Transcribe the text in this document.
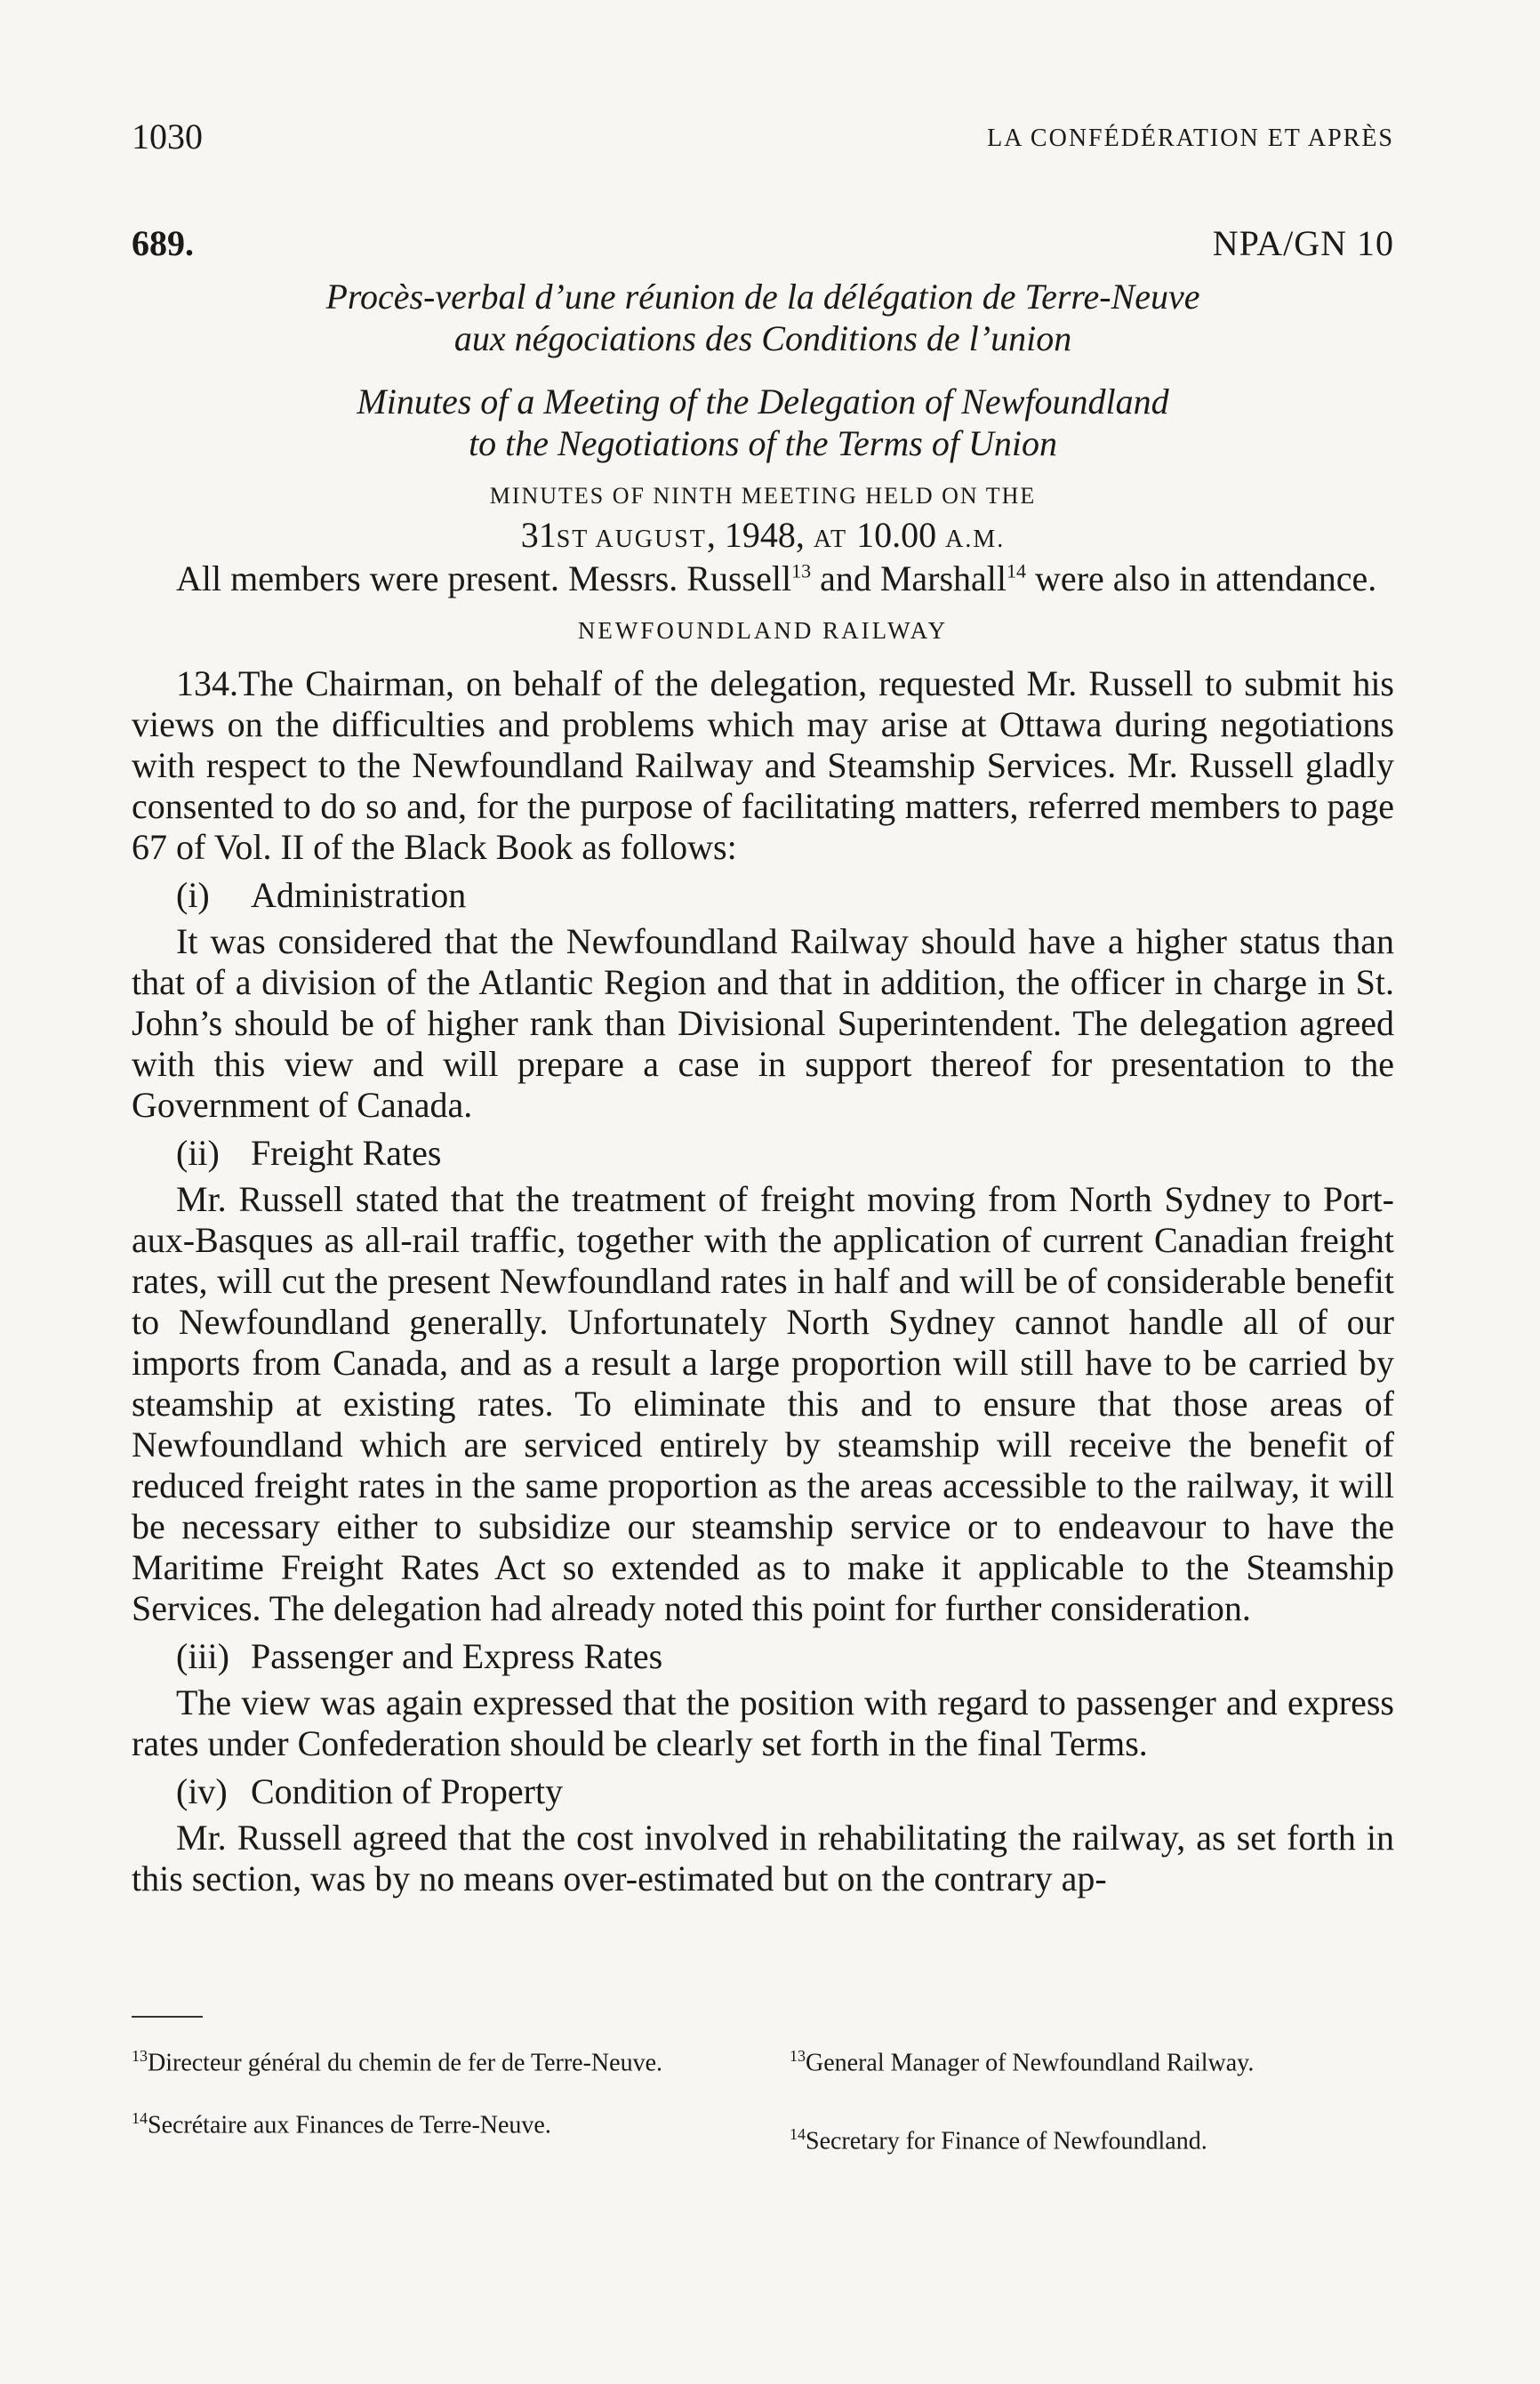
1030	LA CONFÉDÉRATION ET APRÈS
689.	NPA/GN 10
Procès-verbal d’une réunion de la délégation de Terre-Neuve
aux négociations des Conditions de l’union
Minutes of a Meeting of the Delegation of Newfoundland
to the Negotiations of the Terms of Union
MINUTES OF NINTH MEETING HELD ON THE
31ST AUGUST, 1948, AT 10.00 A.M.

All members were present. Messrs. Russell$^{13}$ and Marshall$^{14}$ were also in attendance.

NEWFOUNDLAND RAILWAY

134.The Chairman, on behalf of the delegation, requested Mr. Russell to submit his views on the difficulties and problems which may arise at Ottawa during negotiations with respect to the Newfoundland Railway and Steamship Services. Mr. Russell gladly consented to do so and, for the purpose of facilitating matters, referred members to page 67 of Vol. II of the Black Book as follows:

(i) Administration

It was considered that the Newfoundland Railway should have a higher status than that of a division of the Atlantic Region and that in addition, the officer in charge in St. John’s should be of higher rank than Divisional Superintendent. The delegation agreed with this view and will prepare a case in support thereof for presentation to the Government of Canada.

(ii) Freight Rates

Mr. Russell stated that the treatment of freight moving from North Sydney to Port-aux-Basques as all-rail traffic, together with the application of current Canadian freight rates, will cut the present Newfoundland rates in half and will be of considerable benefit to Newfoundland generally. Unfortunately North Sydney cannot handle all of our imports from Canada, and as a result a large proportion will still have to be carried by steamship at existing rates. To eliminate this and to ensure that those areas of Newfoundland which are serviced entirely by steamship will receive the benefit of reduced freight rates in the same proportion as the areas accessible to the railway, it will be necessary either to subsidize our steamship service or to endeavour to have the Maritime Freight Rates Act so extended as to make it applicable to the Steamship Services. The delegation had already noted this point for further consideration.

(iii) Passenger and Express Rates

The view was again expressed that the position with regard to passenger and express rates under Confederation should be clearly set forth in the final Terms.

(iv) Condition of Property

Mr. Russell agreed that the cost involved in rehabilitating the railway, as set forth in this section, was by no means over-estimated but on the contrary ap-

$^{13}$Directeur général du chemin de fer de Terre-Neuve.
$^{14}$Secrétaire aux Finances de Terre-Neuve.
$^{13}$General Manager of Newfoundland Railway.
$^{14}$Secretary for Finance of Newfoundland.
